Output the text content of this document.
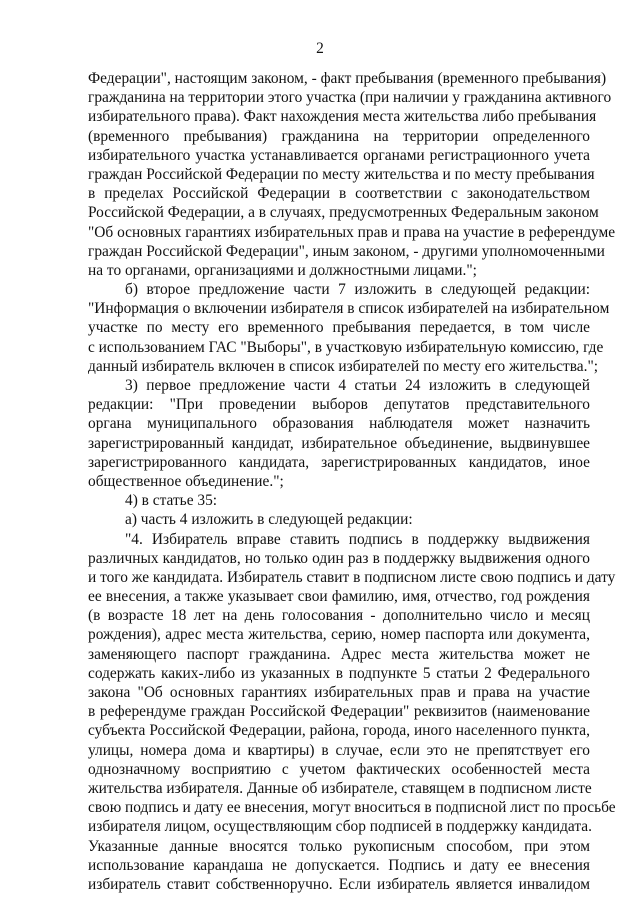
2
Федерации", настоящим законом, - факт пребывания (временного пребывания)
гражданина на территории этого участка (при наличии у гражданина активного
избирательного права). Факт нахождения места жительства либо пребывания
(временного пребывания) гражданина на территории определенного
избирательного участка устанавливается органами регистрационного учета
граждан Российской Федерации по месту жительства и по месту пребывания
в пределах Российской Федерации в соответствии с законодательством
Российской Федерации, а в случаях, предусмотренных Федеральным законом
"Об основных гарантиях избирательных прав и права на участие в референдуме
граждан Российской Федерации", иным законом, - другими уполномоченными
на то органами, организациями и должностными лицами.";
б) второе предложение части 7 изложить в следующей редакции:
"Информация о включении избирателя в список избирателей на избирательном
участке по месту его временного пребывания передается, в том числе
с использованием ГАС "Выборы", в участковую избирательную комиссию, где
данный избиратель включен в список избирателей по месту его жительства.";
3) первое предложение части 4 статьи 24 изложить в следующей
редакции: "При проведении выборов депутатов представительного
органа муниципального образования наблюдателя может назначить
зарегистрированный кандидат, избирательное объединение, выдвинувшее
зарегистрированного кандидата, зарегистрированных кандидатов, иное
общественное объединение.";
4) в статье 35:
а) часть 4 изложить в следующей редакции:
"4. Избиратель вправе ставить подпись в поддержку выдвижения
различных кандидатов, но только один раз в поддержку выдвижения одного
и того же кандидата. Избиратель ставит в подписном листе свою подпись и дату
ее внесения, а также указывает свои фамилию, имя, отчество, год рождения
(в возрасте 18 лет на день голосования - дополнительно число и месяц
рождения), адрес места жительства, серию, номер паспорта или документа,
заменяющего паспорт гражданина. Адрес места жительства может не
содержать каких-либо из указанных в подпункте 5 статьи 2 Федерального
закона "Об основных гарантиях избирательных прав и права на участие
в референдуме граждан Российской Федерации" реквизитов (наименование
субъекта Российской Федерации, района, города, иного населенного пункта,
улицы, номера дома и квартиры) в случае, если это не препятствует его
однозначному восприятию с учетом фактических особенностей места
жительства избирателя. Данные об избирателе, ставящем в подписном листе
свою подпись и дату ее внесения, могут вноситься в подписной лист по просьбе
избирателя лицом, осуществляющим сбор подписей в поддержку кандидата.
Указанные данные вносятся только рукописным способом, при этом
использование карандаша не допускается. Подпись и дату ее внесения
избиратель ставит собственноручно. Если избиратель является инвалидом
